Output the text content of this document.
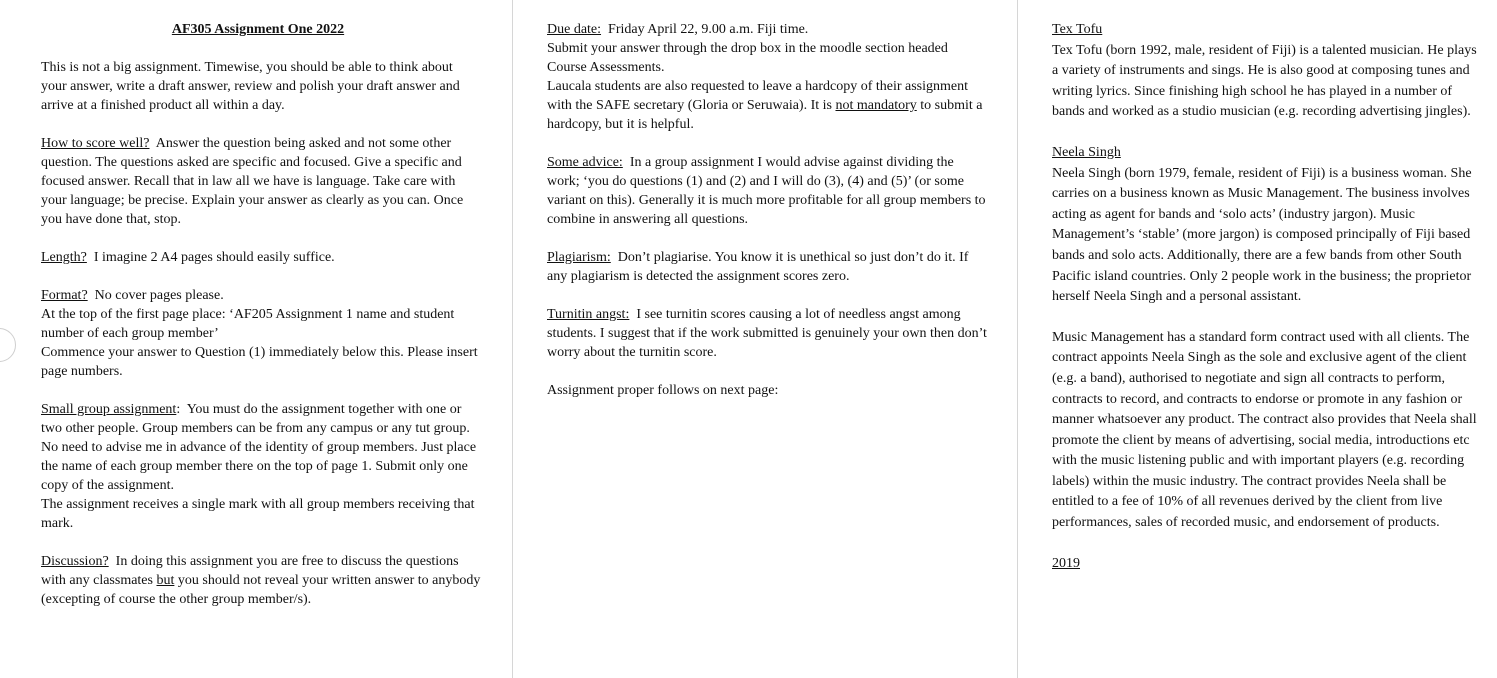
AF305 Assignment One 2022

This is not a big assignment. Timewise, you should be able to think about your answer, write a draft answer, review and polish your draft answer and arrive at a finished product all within a day.

How to score well? Answer the question being asked and not some other question. The questions asked are specific and focused. Give a specific and focused answer. Recall that in law all we have is language. Take care with your language; be precise. Explain your answer as clearly as you can. Once you have done that, stop.

Length? I imagine 2 A4 pages should easily suffice.

Format? No cover pages please.
At the top of the first page place: ‘AF205 Assignment 1 name and student number of each group member’
Commence your answer to Question (1) immediately below this. Please insert page numbers.

Small group assignment:  You must do the assignment together with one or two other people. Group members can be from any campus or any tut group.
No need to advise me in advance of the identity of group members. Just place the name of each group member there on the top of page 1. Submit only one copy of the assignment.
The assignment receives a single mark with all group members receiving that mark.

Discussion? In doing this assignment you are free to discuss the questions with any classmates but you should not reveal your written answer to anybody (excepting of course the other group member/s).

Due date: Friday April 22, 9.00 a.m. Fiji time.
Submit your answer through the drop box in the moodle section headed Course Assessments.
Laucala students are also requested to leave a hardcopy of their assignment with the SAFE secretary (Gloria or Seruwaia). It is not mandatory to submit a hardcopy, but it is helpful.

Some advice: In a group assignment I would advise against dividing the work; ‘you do questions (1) and (2) and I will do (3), (4) and (5)’ (or some variant on this). Generally it is much more profitable for all group members to combine in answering all questions.

Plagiarism: Don’t plagiarise. You know it is unethical so just don’t do it. If any plagiarism is detected the assignment scores zero.

Turnitin angst: I see turnitin scores causing a lot of needless angst among students. I suggest that if the work submitted is genuinely your own then don’t worry about the turnitin score.

Assignment proper follows on next page:

Tex Tofu
Tex Tofu (born 1992, male, resident of Fiji) is a talented musician. He plays a variety of instruments and sings. He is also good at composing tunes and writing lyrics. Since finishing high school he has played in a number of bands and worked as a studio musician (e.g. recording advertising jingles).

Neela Singh
Neela Singh (born 1979, female, resident of Fiji) is a business woman. She carries on a business known as Music Management. The business involves acting as agent for bands and ‘solo acts’ (industry jargon). Music Management’s ‘stable’ (more jargon) is composed principally of Fiji based bands and solo acts. Additionally, there are a few bands from other South Pacific island countries. Only 2 people work in the business; the proprietor herself Neela Singh and a personal assistant.

Music Management has a standard form contract used with all clients. The contract appoints Neela Singh as the sole and exclusive agent of the client (e.g. a band), authorised to negotiate and sign all contracts to perform, contracts to record, and contracts to endorse or promote in any fashion or manner whatsoever any product. The contract also provides that Neela shall promote the client by means of advertising, social media, introductions etc with the music listening public and with important players (e.g. recording labels) within the music industry. The contract provides Neela shall be entitled to a fee of 10% of all revenues derived by the client from live performances, sales of recorded music, and endorsement of products.

2019
